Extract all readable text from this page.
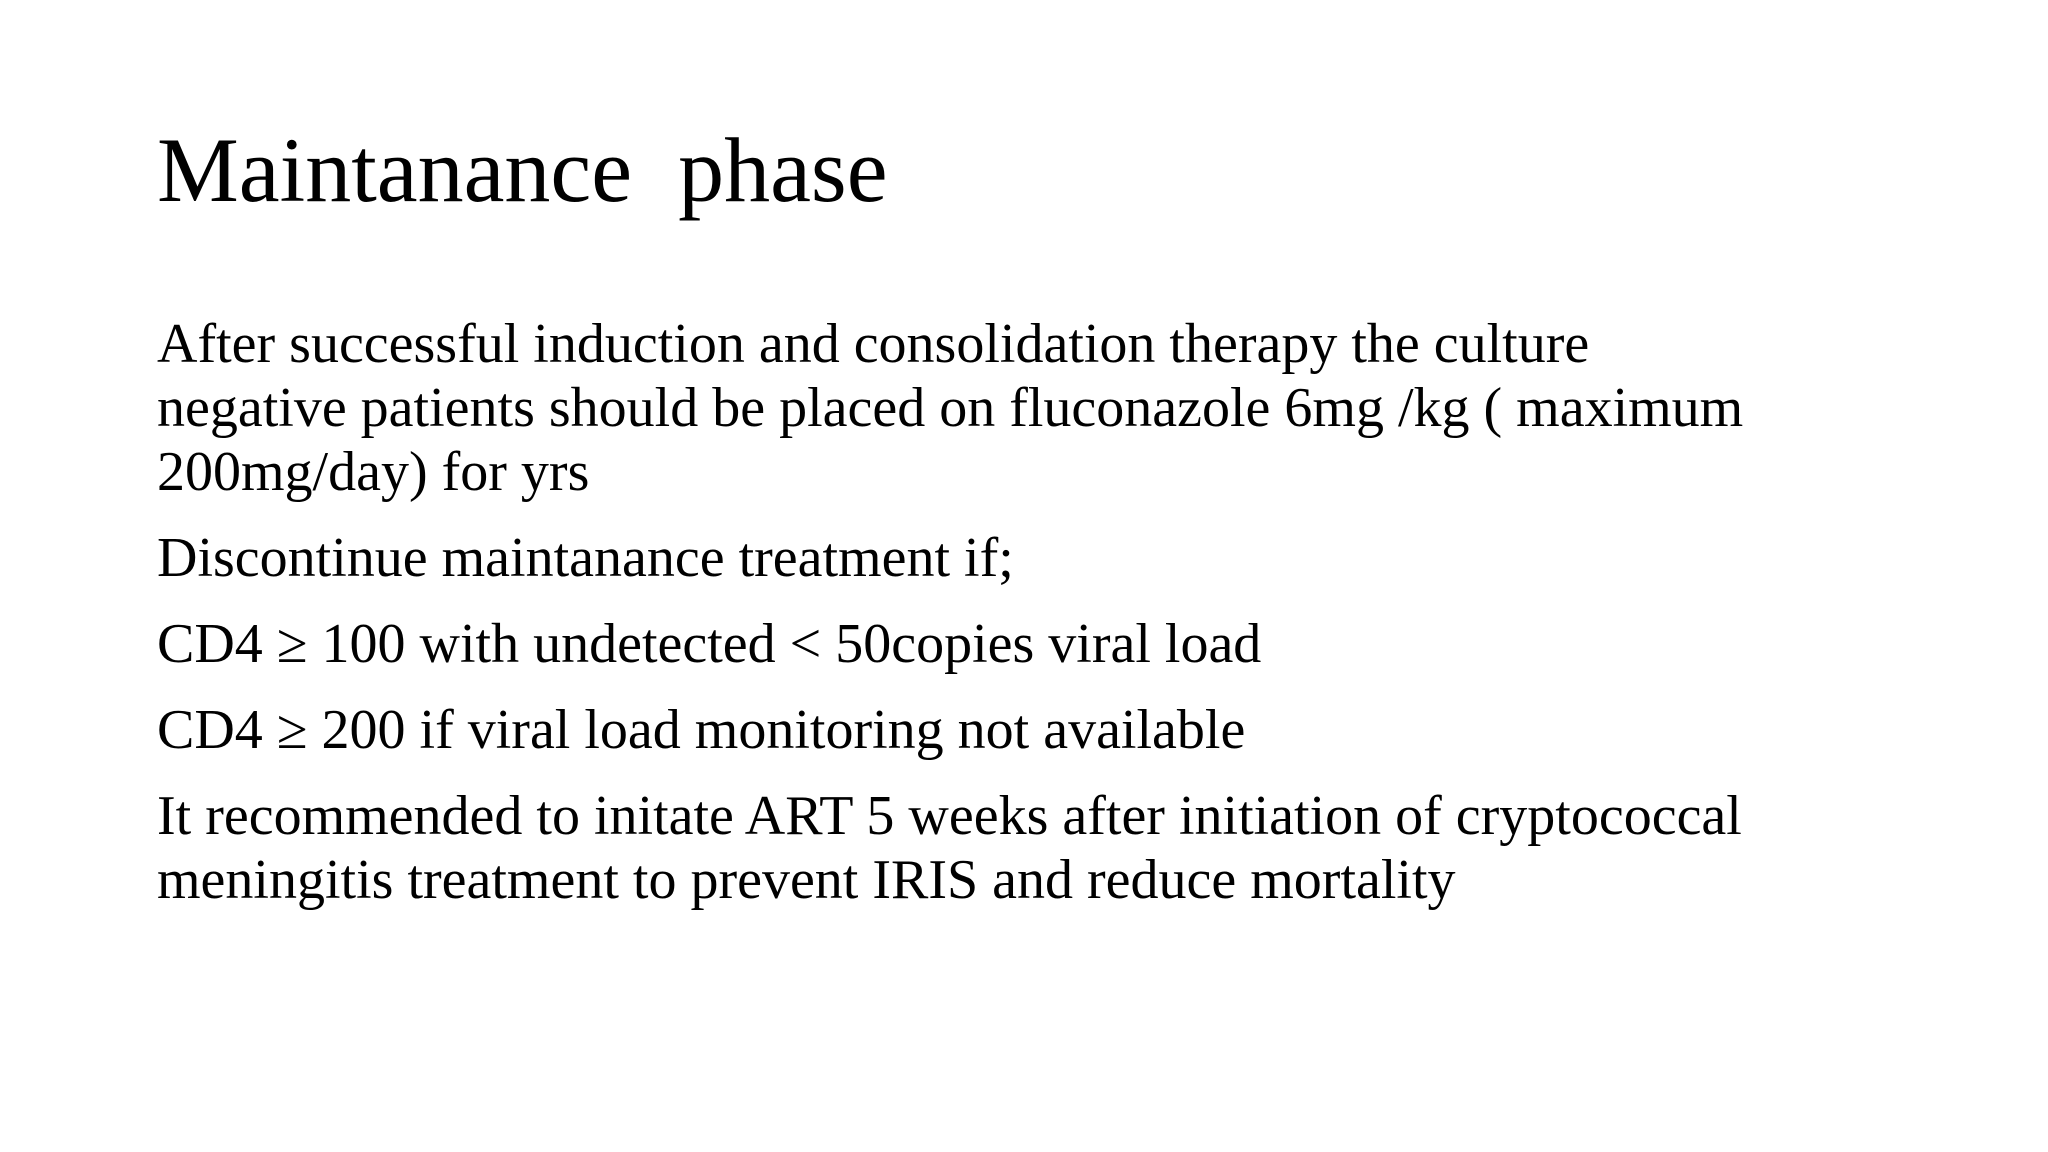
Maintanance  phase
After successful induction and consolidation therapy the culture
negative patients should be placed on fluconazole 6mg /kg ( maximum
200mg/day) for yrs
Discontinue maintanance treatment if;
CD4 ≥ 100 with undetected < 50copies viral load
CD4 ≥ 200 if viral load monitoring not available
It recommended to initate ART 5 weeks after initiation of cryptococcal
meningitis treatment to prevent IRIS and reduce mortality
